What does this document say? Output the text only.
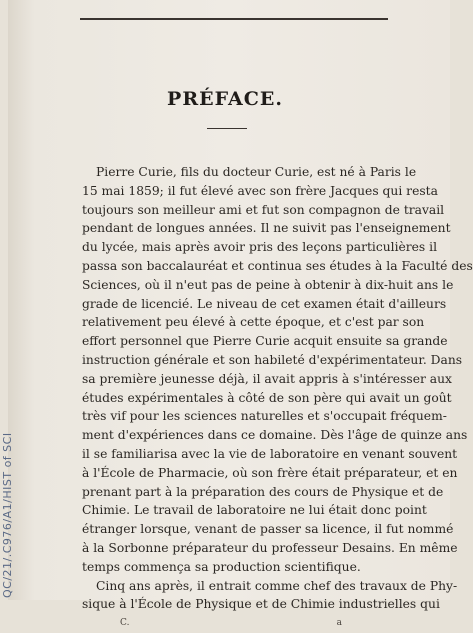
PRÉFACE.
Pierre Curie, fils du docteur Curie, est né à Paris le
15 mai 1859; il fut élevé avec son frère Jacques qui resta
toujours son meilleur ami et fut son compagnon de travail
pendant de longues années. Il ne suivit pas l'enseignement
du lycée, mais après avoir pris des leçons particulières il
passa son baccalauréat et continua ses études à la Faculté des
Sciences, où il n'eut pas de peine à obtenir à dix-huit ans le
grade de licencié. Le niveau de cet examen était d'ailleurs
relativement peu élevé à cette époque, et c'est par son
effort personnel que Pierre Curie acquit ensuite sa grande
instruction générale et son habileté d'expérimentateur. Dans
sa première jeunesse déjà, il avait appris à s'intéresser aux
études expérimentales à côté de son père qui avait un goût
très vif pour les sciences naturelles et s'occupait fréquem-
ment d'expériences dans ce domaine. Dès l'âge de quinze ans
il se familiarisa avec la vie de laboratoire en venant souvent
à l'École de Pharmacie, où son frère était préparateur, et en
prenant part à la préparation des cours de Physique et de
Chimie. Le travail de laboratoire ne lui était donc point
étranger lorsque, venant de passer sa licence, il fut nommé
à la Sorbonne préparateur du professeur Desains. En même
temps commença sa production scientifique.
Cinq ans après, il entrait comme chef des travaux de Phy-
sique à l'École de Physique et de Chimie industrielles qui
C.	a
QC/21/.C976/A1/HIST of SCI
